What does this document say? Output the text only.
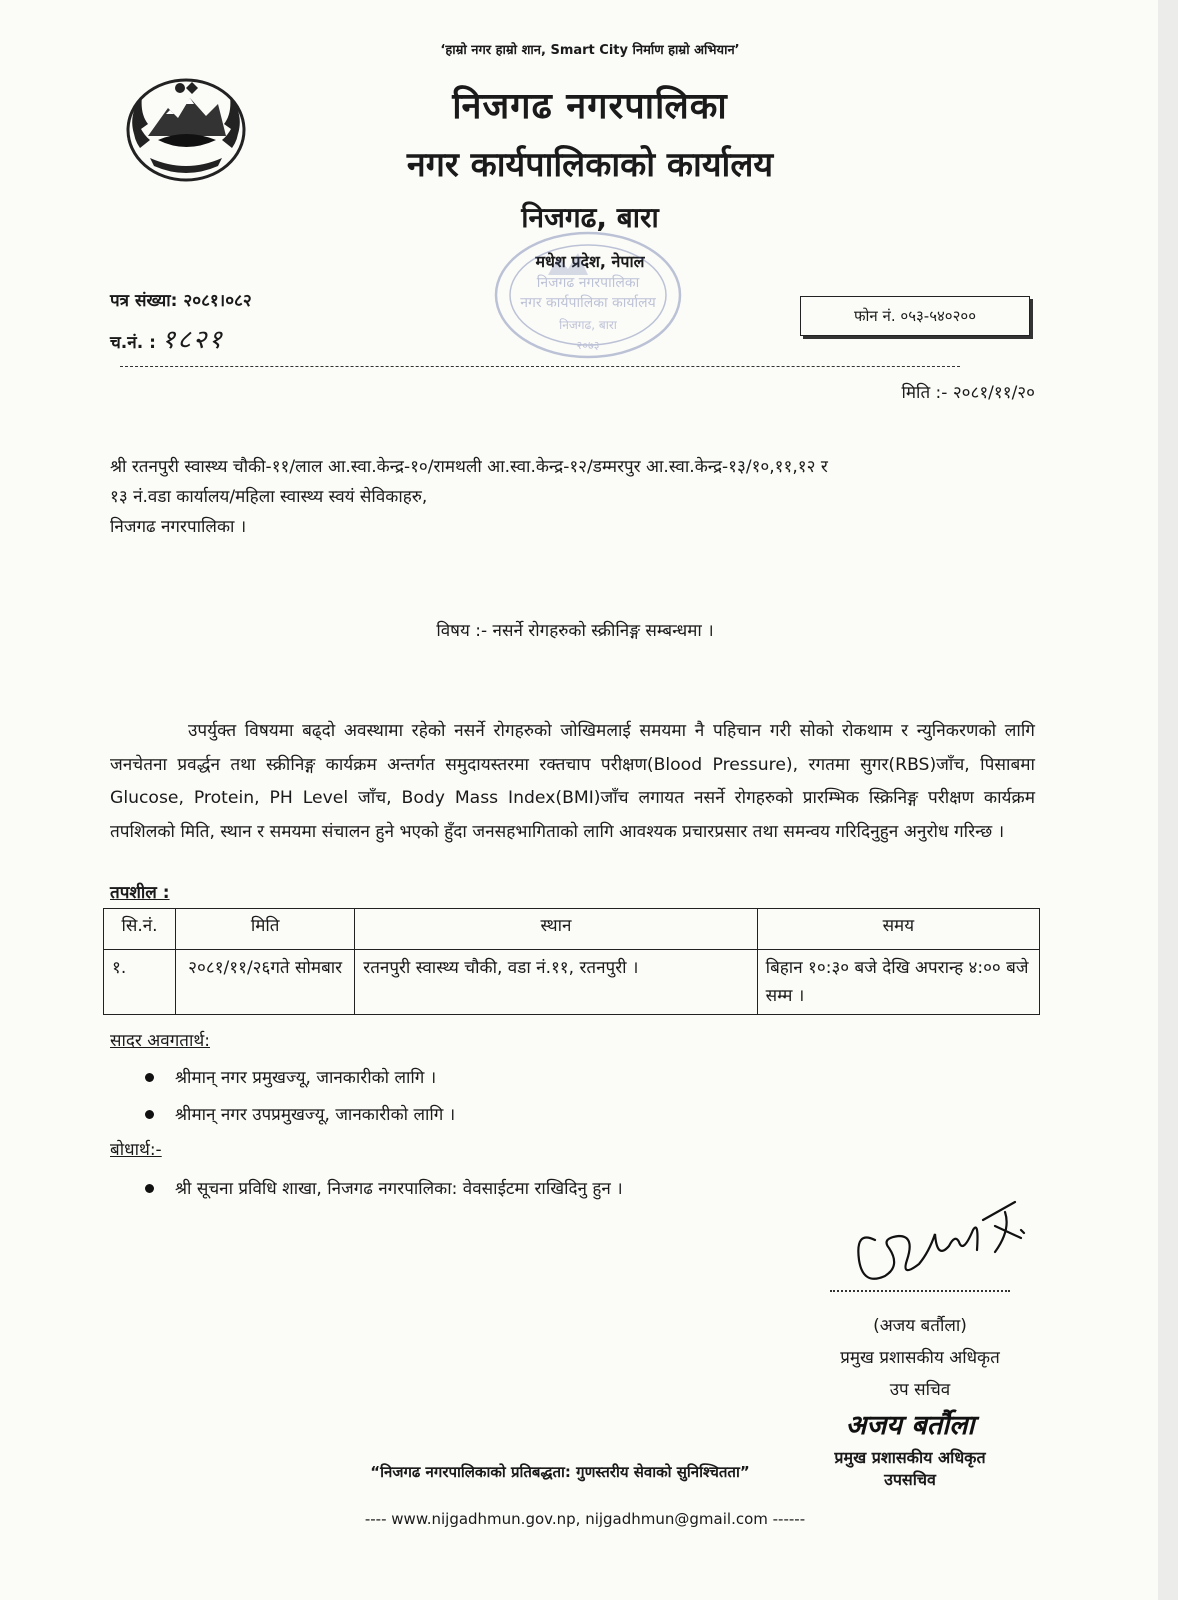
‘हाम्रो नगर हाम्रो शान, Smart City निर्माण हाम्रो अभियान’
निजगढ नगरपालिका
नगर कार्यपालिकाको कार्यालय
निजगढ, बारा
मधेश प्रदेश, नेपाल
निजगढ नगरपालिका
नगर कार्यपालिका कार्यालय
निजगढ, बारा
२०७३
पत्र संख्या: २०८१।०८२
च.नं. : १८२१
फोन नं. ०५३-५४०२००
मिति :- २०८१/११/२०
श्री रतनपुरी स्वास्थ्य चौकी-११/लाल आ.स्वा.केन्द्र-१०/रामथली आ.स्वा.केन्द्र-१२/डम्मरपुर आ.स्वा.केन्द्र-१३/१०,११,१२ र
१३ नं.वडा कार्यालय/महिला स्वास्थ्य स्वयं सेविकाहरु,
निजगढ नगरपालिका ।
विषय :- नसर्ने रोगहरुको स्क्रीनिङ्ग सम्बन्धमा ।
उपर्युक्त विषयमा बढ्दो अवस्थामा रहेको नसर्ने रोगहरुको जोखिमलाई समयमा नै पहिचान गरी सोको रोकथाम र न्युनिकरणको लागि जनचेतना प्रवर्द्धन तथा स्क्रीनिङ्ग कार्यक्रम अन्तर्गत समुदायस्तरमा रक्तचाप परीक्षण(Blood Pressure), रगतमा सुगर(RBS)जाँच, पिसाबमा Glucose, Protein, PH Level जाँच, Body Mass Index(BMI)जाँच लगायत नसर्ने रोगहरुको प्रारम्भिक स्क्रिनिङ्ग परीक्षण कार्यक्रम तपशिलको मिति, स्थान र समयमा संचालन हुने भएको हुँदा जनसहभागिताको लागि आवश्यक प्रचारप्रसार तथा समन्वय गरिदिनुहुन अनुरोध गरिन्छ ।
तपशील :
सि.नं.	मिति	स्थान	समय
१.	२०८१/११/२६गते सोमबार	रतनपुरी स्वास्थ्य चौकी, वडा नं.११, रतनपुरी ।	बिहान १०:३० बजे देखि अपरान्ह ४:०० बजे सम्म ।
सादर अवगतार्थ:
श्रीमान् नगर प्रमुखज्यू, जानकारीको लागि ।
श्रीमान् नगर उपप्रमुखज्यू, जानकारीको लागि ।
बोधार्थ:-
श्री सूचना प्रविधि शाखा, निजगढ नगरपालिका: वेवसाईटमा राखिदिनु हुन ।
(अजय बर्तौला)
प्रमुख प्रशासकीय अधिकृत
उप सचिव
अजय बर्तौला
प्रमुख प्रशासकीय अधिकृत
उपसचिव
“निजगढ नगरपालिकाको प्रतिबद्धता: गुणस्तरीय सेवाको सुनिश्चितता”
---- www.nijgadhmun.gov.np, nijgadhmun@gmail.com ------
